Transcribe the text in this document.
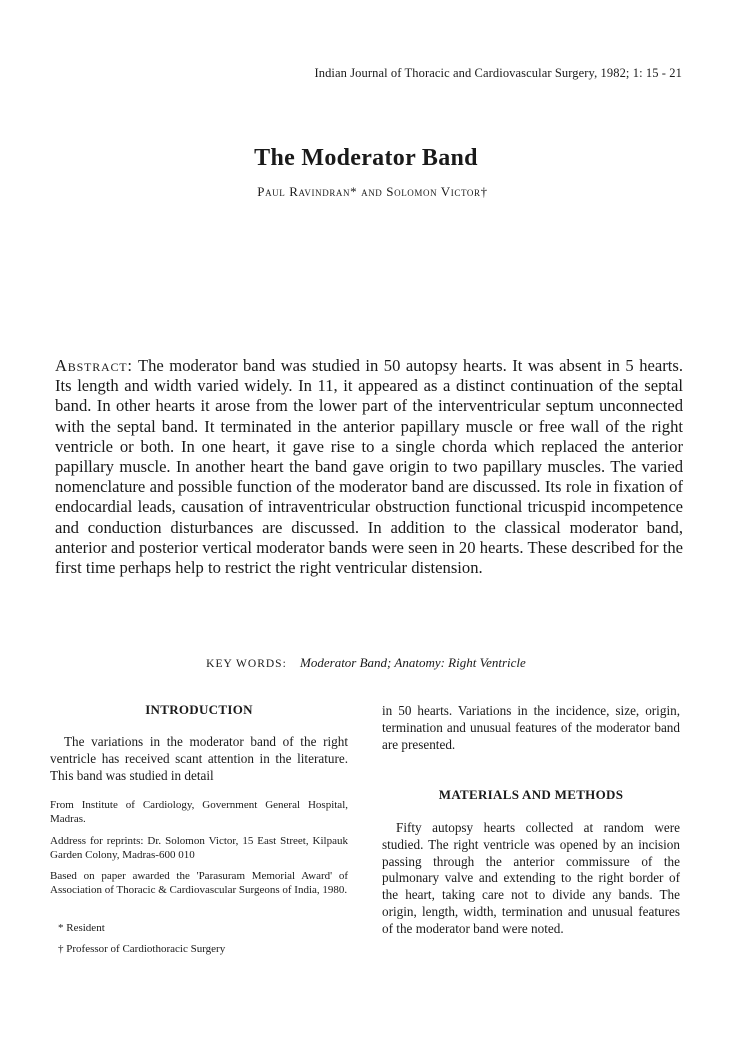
Indian Journal of Thoracic and Cardiovascular Surgery, 1982; 1: 15 - 21
The Moderator Band
Paul Ravindran* and Solomon Victor†
Abstract: The moderator band was studied in 50 autopsy hearts. It was absent in 5 hearts. Its length and width varied widely. In 11, it appeared as a distinct continuation of the septal band. In other hearts it arose from the lower part of the interventricular septum unconnected with the septal band. It terminated in the anterior papillary muscle or free wall of the right ventricle or both. In one heart, it gave rise to a single chorda which replaced the anterior papillary muscle. In another heart the band gave origin to two papillary muscles. The varied nomenclature and possible function of the moderator band are discussed. Its role in fixation of endocardial leads, causation of intraventricular obstruction functional tricuspid incompetence and conduction disturbances are discussed. In addition to the classical moderator band, anterior and posterior vertical moderator bands were seen in 20 hearts. These described for the first time perhaps help to restrict the right ventricular distension.
KEY WORDS: Moderator Band; Anatomy: Right Ventricle
INTRODUCTION
The variations in the moderator band of the right ventricle has received scant attention in the literature. This band was studied in detail
From Institute of Cardiology, Government General Hospital, Madras.
Address for reprints: Dr. Solomon Victor, 15 East Street, Kilpauk Garden Colony, Madras-600 010
Based on paper awarded the 'Parasuram Memorial Award' of Association of Thoracic & Cardiovascular Surgeons of India, 1980.
* Resident
† Professor of Cardiothoracic Surgery
in 50 hearts. Variations in the incidence, size, origin, termination and unusual features of the moderator band are presented.
MATERIALS AND METHODS
Fifty autopsy hearts collected at random were studied. The right ventricle was opened by an incision passing through the anterior commissure of the pulmonary valve and extending to the right border of the heart, taking care not to divide any bands. The origin, length, width, termination and unusual features of the moderator band were noted.
